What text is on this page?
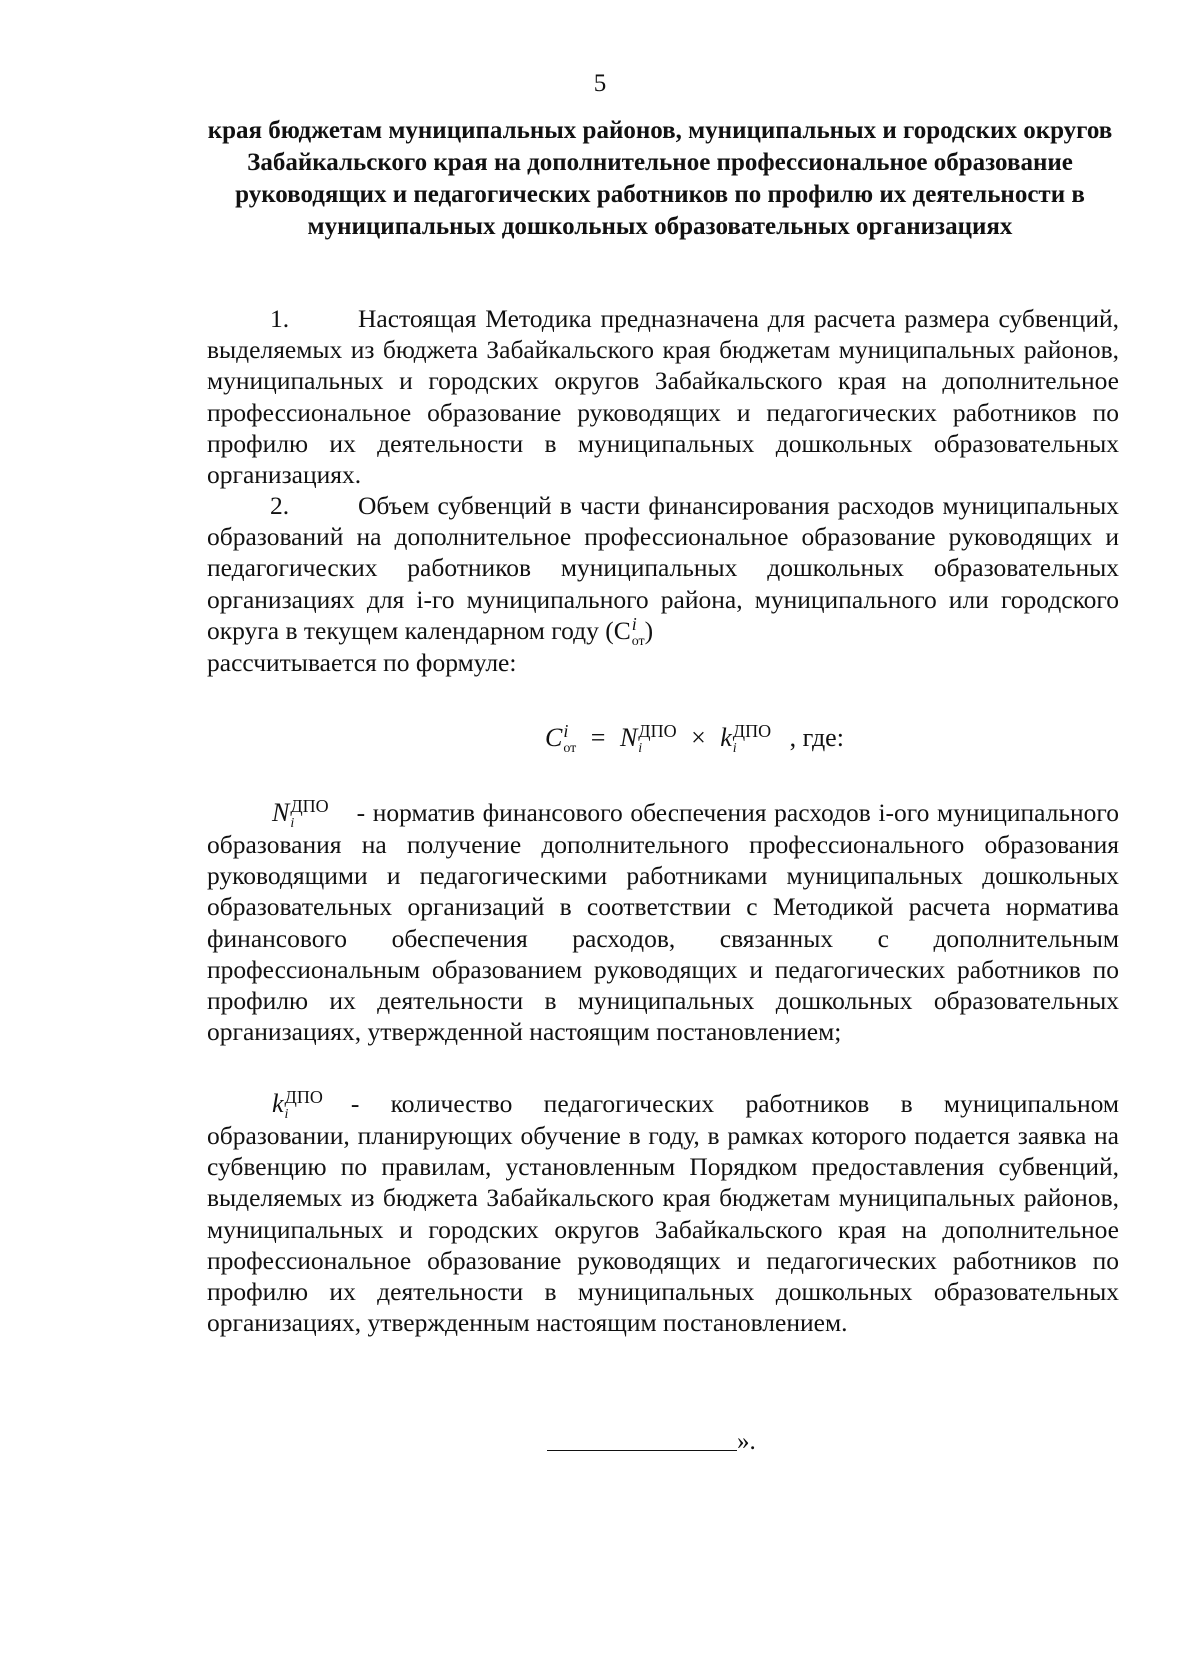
5
края бюджетам муниципальных районов, муниципальных и городских округов Забайкальского края на дополнительное профессиональное образование руководящих и педагогических работников по профилю их деятельности в муниципальных дошкольных образовательных организациях
1.	Настоящая Методика предназначена для расчета размера субвенций, выделяемых из бюджета Забайкальского края бюджетам муниципальных районов, муниципальных и городских округов Забайкальского края на дополнительное профессиональное образование руководящих и педагогических работников по профилю их деятельности в муниципальных дошкольных образовательных организациях.
2.	Объем субвенций в части финансирования расходов муниципальных образований на дополнительное профессиональное образование руководящих и педагогических работников муниципальных дошкольных образовательных организациях для i-го муниципального района, муниципального или городского округа в текущем календарном году (C i
от )
рассчитывается по формуле:
C i
от = N ДПО
i	× k ДПО
i	, где:
N ДПО
i	- норматив финансового обеспечения расходов i-ого муниципального образования на получение дополнительного профессионального образования руководящими и педагогическими работниками муниципальных дошкольных образовательных организаций в соответствии с Методикой расчета норматива финансового обеспечения расходов, связанных с дополнительным профессиональным образованием руководящих и педагогических работников по профилю их деятельности в муниципальных дошкольных образовательных организациях, утвержденной настоящим постановлением;
k ДПО
i	- количество педагогических работников в муниципальном образовании, планирующих обучение в году, в рамках которого подается заявка на субвенцию по правилам, установленным Порядком предоставления субвенций, выделяемых из бюджета Забайкальского края бюджетам муниципальных районов, муниципальных и городских округов Забайкальского края на дополнительное профессиональное образование руководящих и педагогических работников по профилю их деятельности в муниципальных дошкольных образовательных организациях, утвержденным настоящим постановлением.
».
